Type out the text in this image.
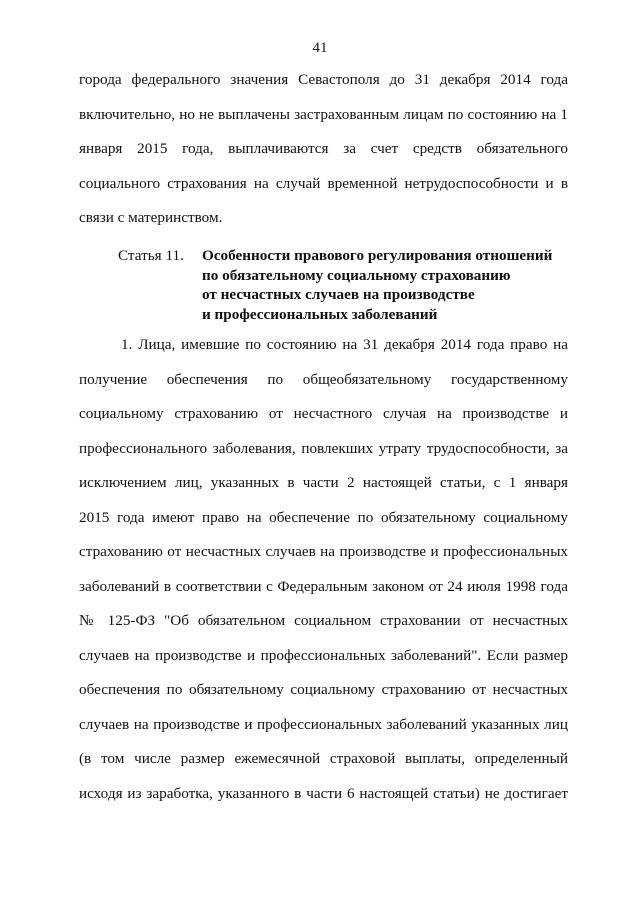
41
города федерального значения Севастополя до 31 декабря 2014 года
включительно, но не выплачены застрахованным лицам по состоянию на 1
января 2015 года, выплачиваются за счет средств обязательного
социального страхования на случай временной нетрудоспособности и в
связи с материнством.
Статья 11. Особенности правового регулирования отношений
по обязательному социальному страхованию
от несчастных случаев на производстве
и профессиональных заболеваний
1. Лица, имевшие по состоянию на 31 декабря 2014 года право на
получение обеспечения по общеобязательному государственному
социальному страхованию от несчастного случая на производстве и
профессионального заболевания, повлекших утрату трудоспособности, за
исключением лиц, указанных в части 2 настоящей статьи, с 1 января
2015 года имеют право на обеспечение по обязательному социальному
страхованию от несчастных случаев на производстве и профессиональных
заболеваний в соответствии с Федеральным законом от 24 июля 1998 года
№ 125-ФЗ "Об обязательном социальном страховании от несчастных
случаев на производстве и профессиональных заболеваний". Если размер
обеспечения по обязательному социальному страхованию от несчастных
случаев на производстве и профессиональных заболеваний указанных лиц
(в том числе размер ежемесячной страховой выплаты, определенный
исходя из заработка, указанного в части 6 настоящей статьи) не достигает
